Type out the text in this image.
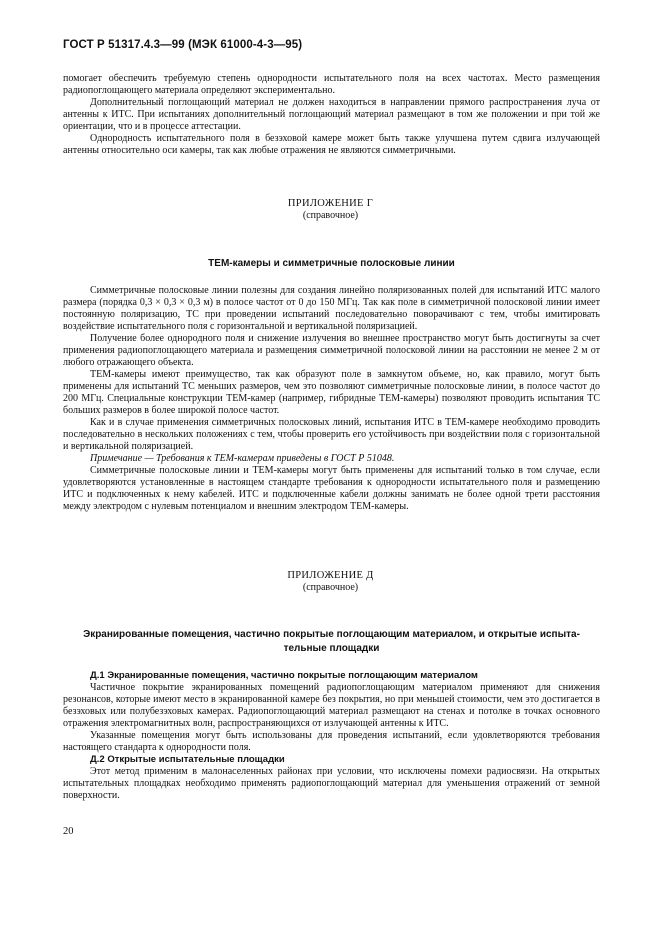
ГОСТ Р 51317.4.3—99 (МЭК 61000-4-3—95)

помогает обеспечить требуемую степень однородности испытательного поля на всех частотах. Место размещения радиопоглощающего материала определяют экспериментально.

Дополнительный поглощающий материал не должен находиться в направлении прямого распространения луча от антенны к ИТС. При испытаниях дополнительный поглощающий материал размещают в том же положении и при той же ориентации, что и в процессе аттестации.

Однородность испытательного поля в безэховой камере может быть также улучшена путем сдвига излучающей антенны относительно оси камеры, так как любые отражения не являются симметричными.

ПРИЛОЖЕНИЕ Г
(справочное)
ТЕМ-камеры и симметричные полосковые линии

Симметричные полосковые линии полезны для создания линейно поляризованных полей для испытаний ИТС малого размера (порядка 0,3 × 0,3 × 0,3 м) в полосе частот от 0 до 150 МГц. Так как поле в симметричной полосковой линии имеет постоянную поляризацию, ТС при проведении испытаний последовательно поворачивают с тем, чтобы имитировать воздействие испытательного поля с горизонтальной и вертикальной поляризацией.

Получение более однородного поля и снижение излучения во внешнее пространство могут быть достигнуты за счет применения радиопоглощающего материала и размещения симметричной полосковой линии на расстоянии не менее 2 м от любого отражающего объекта.

ТЕМ-камеры имеют преимущество, так как образуют поле в замкнутом объеме, но, как правило, могут быть применены для испытаний ТС меньших размеров, чем это позволяют симметричные полосковые линии, в полосе частот до 200 МГц. Специальные конструкции ТЕМ-камер (например, гибридные ТЕМ-камеры) позволяют проводить испытания ТС больших размеров в более широкой полосе частот.

Как и в случае применения симметричных полосковых линий, испытания ИТС в ТЕМ-камере необходимо проводить последовательно в нескольких положениях с тем, чтобы проверить его устойчивость при воздействии поля с горизонтальной и вертикальной поляризацией.

Примечание — Требования к ТЕМ-камерам приведены в ГОСТ Р 51048.

Симметричные полосковые линии и ТЕМ-камеры могут быть применены для испытаний только в том случае, если удовлетворяются установленные в настоящем стандарте требования к однородности испытательного поля и размещению ИТС и подключенных к нему кабелей. ИТС и подключенные кабели должны занимать не более одной трети расстояния между электродом с нулевым потенциалом и внешним электродом ТЕМ-камеры.

ПРИЛОЖЕНИЕ Д
(справочное)
Экранированные помещения, частично покрытые поглощающим материалом, и открытые испыта-
тельные площадки
Д.1 Экранированные помещения, частично покрытые поглощающим материалом

Частичное покрытие экранированных помещений радиопоглощающим материалом применяют для снижения резонансов, которые имеют место в экранированной камере без покрытия, но при меньшей стоимости, чем это достигается в безэховых или полубезэховых камерах. Радиопоглощающий материал размещают на стенах и потолке в точках основного отражения электромагнитных волн, распространяющихся от излучающей антенны к ИТС.

Указанные помещения могут быть использованы для проведения испытаний, если удовлетворяются требования настоящего стандарта к однородности поля.

Д.2 Открытые испытательные площадки

Этот метод применим в малонаселенных районах при условии, что исключены помехи радиосвязи. На открытых испытательных площадках необходимо применять радиопоглощающий материал для уменьшения отражений от земной поверхности.

20
